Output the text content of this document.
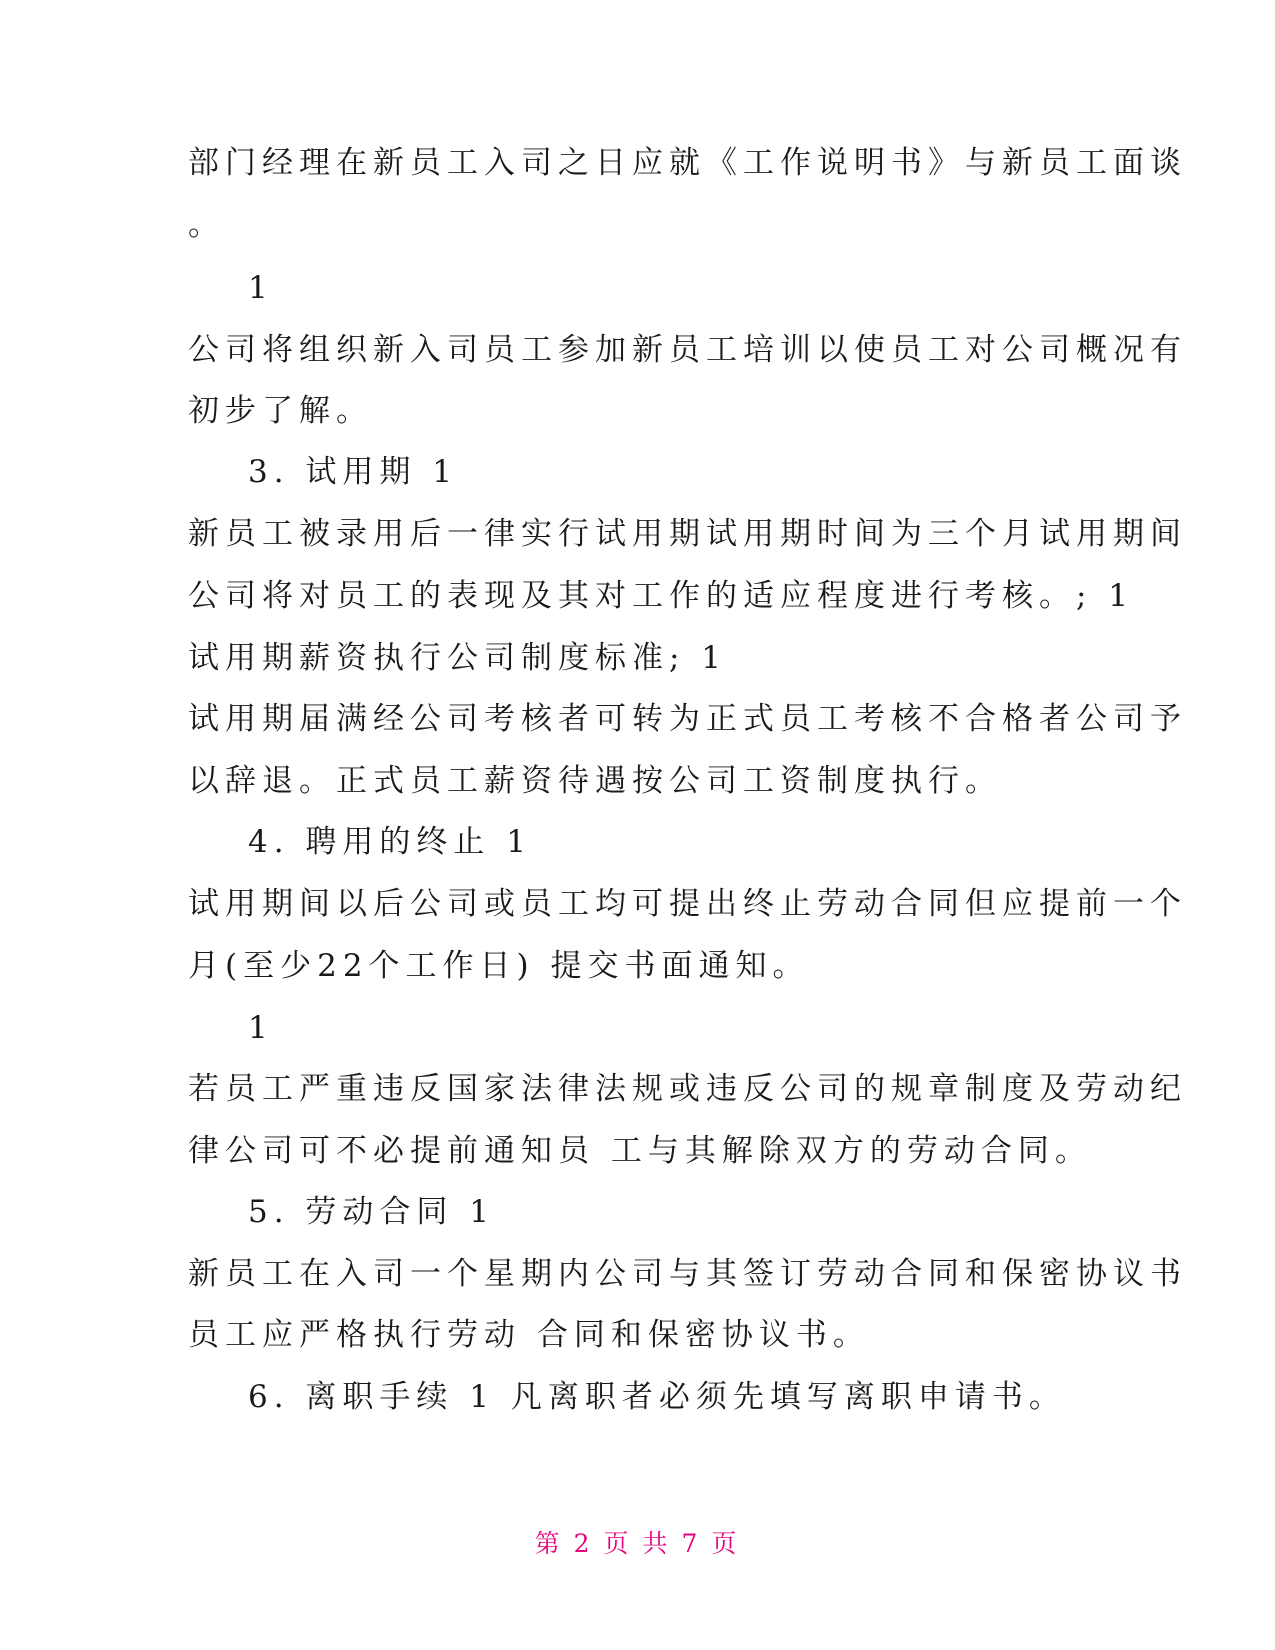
部门经理在新员工入司之日应就《工作说明书》与新员工面谈
。
1
公司将组织新入司员工参加新员工培训以使员工对公司概况有
初步了解。
3. 试用期 1
新员工被录用后一律实行试用期试用期时间为三个月试用期间
公司将对员工的表现及其对工作的适应程度进行考核。; 1
试用期薪资执行公司制度标准; 1
试用期届满经公司考核者可转为正式员工考核不合格者公司予
以辞退。正式员工薪资待遇按公司工资制度执行。
4. 聘用的终止 1
试用期间以后公司或员工均可提出终止劳动合同但应提前一个
月(至少22个工作日) 提交书面通知。
1
若员工严重违反国家法律法规或违反公司的规章制度及劳动纪
律公司可不必提前通知员 工与其解除双方的劳动合同。
5. 劳动合同 1
新员工在入司一个星期内公司与其签订劳动合同和保密协议书
员工应严格执行劳动 合同和保密协议书。
6. 离职手续 1 凡离职者必须先填写离职申请书。
第 2 页 共 7 页
